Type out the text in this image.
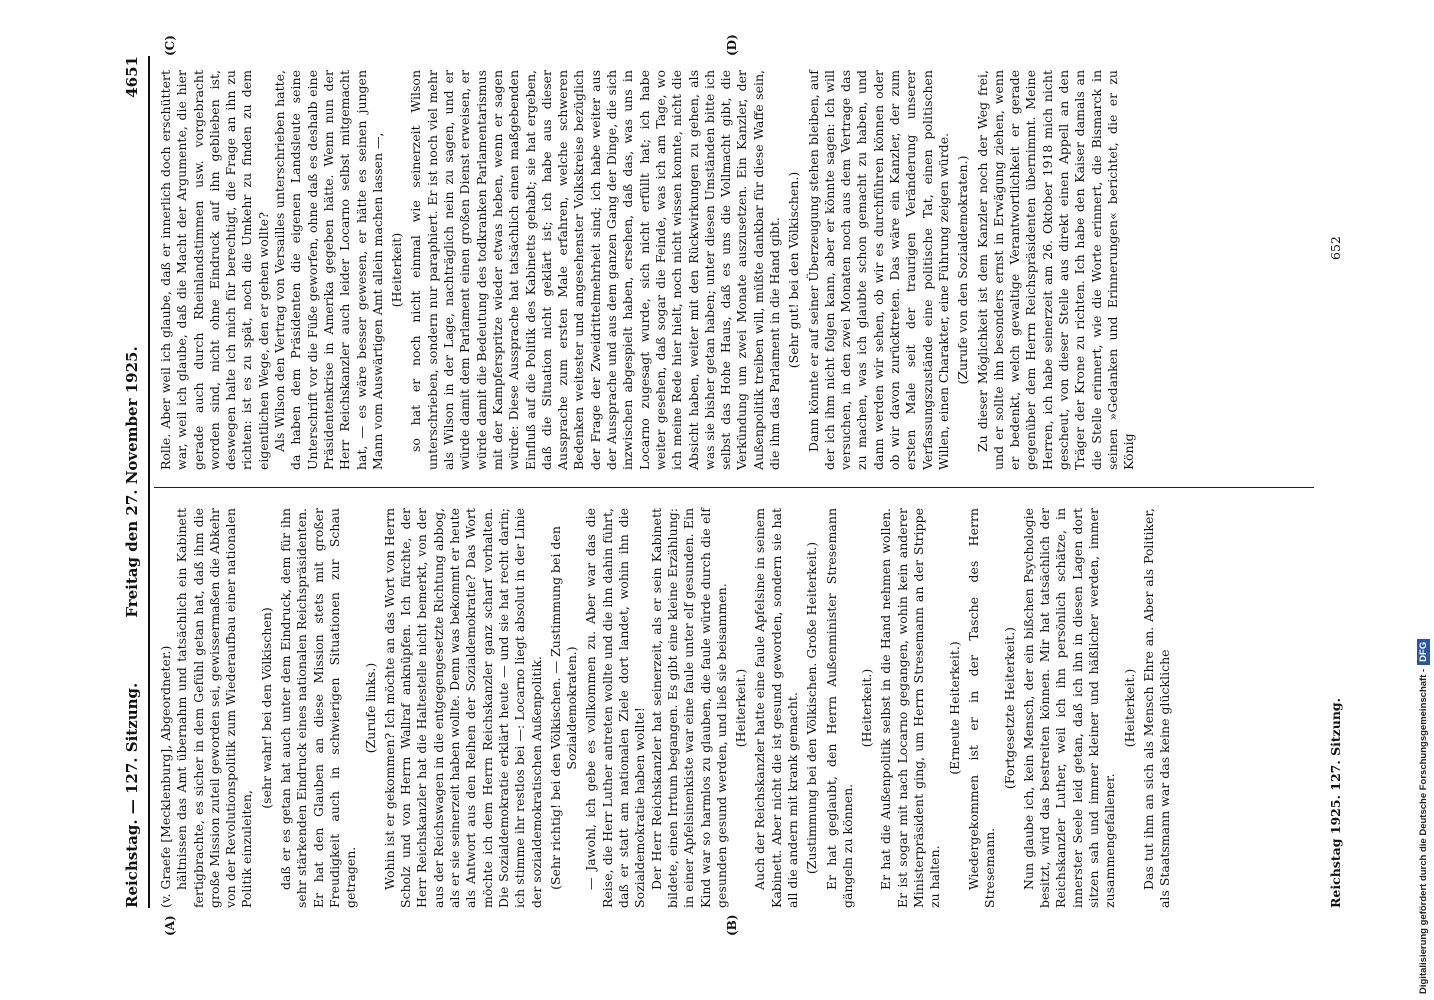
Reichstag. — 127. Sitzung.
Freitag den 27. November 1925.
4651
(A)	(B)
(C)	(D)

(v. Graefe [Mecklenburg], Abgeordneter.) hältnissen das Amt übernahm und tatsächlich ein Kabinett fertigbrachte, es sicher in dem Gefühl getan hat, daß ihm die große Mission zuteil geworden sei, gewissermaßen die Abkehr von der Revolutionspolitik zum Wiederaufbau einer nationalen Politik einzuleiten,

(sehr wahr! bei den Völkischen) daß er es getan hat auch unter dem Eindruck, dem für ihn sehr stärkenden Eindruck eines nationalen Reichspräsidenten. Er hat den Glauben an diese Mission stets mit großer Freudigkeit auch in schwierigen Situationen zur Schau getragen.

(Zurufe links.) Wohin ist er gekommen? Ich möchte an das Wort von Herrn Scholz und von Herrn Wallraf anknüpfen. Ich fürchte, der Herr Reichskanzler hat die Haltestelle nicht bemerkt, von der aus der Reichswagen in die entgegengesetzte Richtung abbog, als er sie seinerzeit haben wollte. Denn was bekommt er heute als Antwort aus den Reihen der Sozialdemokratie? Das Wort möchte ich dem Herrn Reichskanzler ganz scharf vorhalten. Die Sozialdemokratie erklärt heute — und sie hat recht darin; ich stimme ihr restlos bei —: Locarno liegt absolut in der Linie der sozialdemokratischen Außenpolitik. (Sehr richtig! bei den Völkischen. — Zustimmung bei den Sozialdemokraten.) — Jawohl, ich gebe es vollkommen zu. Aber war das die Reise, die Herr Luther antreten wollte und die ihn dahin führt, daß er statt am nationalen Ziele dort landet, wohin ihn die Sozialdemokratie haben wollte! Der Herr Reichskanzler hat seinerzeit, als er sein Kabinett bildete, einen Irrtum begangen. Es gibt eine kleine Erzählung: in einer Apfelsinenkiste war eine faule unter elf gesunden. Ein Kind war so harmlos zu glauben, die faule würde durch die elf gesunden gesund werden, und ließ sie beisammen. (Heiterkeit.) Auch der Reichskanzler hatte eine faule Apfelsine in seinem Kabinett. Aber nicht die ist gesund geworden, sondern sie hat all die andern mit krank gemacht. (Zustimmung bei den Völkischen. Große Heiterkeit.) Er hat geglaubt, den Herrn Außenminister Stresemann gängeln zu können.

(Heiterkeit.) Er hat die Außenpolitik selbst in die Hand nehmen wollen. Er ist sogar mit nach Locarno gegangen, wohin kein anderer Ministerpräsident ging, um Herrn Stresemann an der Strippe zu halten.

(Erneute Heiterkeit.) Wiedergekommen ist er in der Tasche des Herrn Stresemann.

(Fortgesetzte Heiterkeit.) Nun glaube ich, kein Mensch, der ein bißchen Psychologie besitzt, wird das bestreiten können. Mir hat tatsächlich der Reichskanzler Luther, weil ich ihn persönlich schätze, in innerster Seele leid getan, daß ich ihn in diesen Lagen dort sitzen sah und immer kleiner und häßlicher werden, immer zusammengefallener.

(Heiterkeit.) Das tut ihm an sich als Mensch Ehre an. Aber als Politiker, als Staatsmann war das keine glückliche

Rolle. Aber weil ich glaube, daß er innerlich doch erschüttert war, weil ich glaube, daß die Macht der Argumente, die hier gerade auch durch Rheinlandstimmen usw. vorgebracht worden sind, nicht ohne Eindruck auf ihn geblieben ist, deswegen halte ich mich für berechtigt, die Frage an ihn zu richten: ist es zu spät, noch die Umkehr zu finden zu dem eigentlichen Wege, den er gehen wollte? Als Wilson den Vertrag von Versailles unterschrieben hatte, da haben dem Präsidenten die eigenen Landsleute seine Unterschrift vor die Füße geworfen, ohne daß es deshalb eine Präsidentenkrise in Amerika gegeben hätte. Wenn nun der Herr Reichskanzler auch leider Locarno selbst mitgemacht hat, — es wäre besser gewesen, er hätte es seinen jungen Mann vom Auswärtigen Amt allein machen lassen —, (Heiterkeit) so hat er noch nicht einmal wie seinerzeit Wilson unterschrieben, sondern nur paraphiert. Er ist noch viel mehr als Wilson in der Lage, nachträglich nein zu sagen, und er würde damit dem Parlament einen großen Dienst erweisen, er würde damit die Bedeutung des todkranken Parlamentarismus mit der Kampferspritze wieder etwas heben, wenn er sagen würde: Diese Aussprache hat tatsächlich einen maßgebenden Einfluß auf die Politik des Kabinetts gehabt; sie hat ergeben, daß die Situation nicht geklärt ist; ich habe aus dieser Aussprache zum ersten Male erfahren, welche schweren Bedenken weitester und angesehenster Volkskreise bezüglich der Frage der Zweidrittelmehrheit sind; ich habe weiter aus der Aussprache und aus dem ganzen Gang der Dinge, die sich inzwischen abgespielt haben, ersehen, daß das, was uns in Locarno zugesagt wurde, sich nicht erfüllt hat; ich habe weiter gesehen, daß sogar die Feinde, was ich am Tage, wo ich meine Rede hier hielt, noch nicht wissen konnte, nicht die Absicht haben, weiter mit den Rückwirkungen zu gehen, als was sie bisher getan haben; unter diesen Umständen bitte ich selbst das Hohe Haus, daß es uns die Vollmacht gibt, die Verkündung um zwei Monate auszusetzen. Ein Kanzler, der Außenpolitik treiben will, müßte dankbar für diese Waffe sein, die ihm das Parlament in die Hand gibt. (Sehr gut! bei den Völkischen.) Dann könnte er auf seiner Überzeugung stehen bleiben, auf der ich ihm nicht folgen kann, aber er könnte sagen: Ich will versuchen, in den zwei Monaten noch aus dem Vertrage das zu machen, was ich glaubte schon gemacht zu haben, und dann werden wir sehen, ob wir es durchführen können oder ob wir davon zurücktreten. Das wäre ein Kanzler, der zum ersten Male seit der traurigen Veränderung unserer Verfassungszustände eine politische Tat, einen politischen Willen, einen Charakter, eine Führung zeigen würde. (Zurufe von den Sozialdemokraten.) Zu dieser Möglichkeit ist dem Kanzler noch der Weg frei, und er sollte ihn besonders ernst in Erwägung ziehen, wenn er bedenkt, welch gewaltige Verantwortlichkeit er gerade gegenüber dem Herrn Reichspräsidenten übernimmt. Meine Herren, ich habe seinerzeit am 26. Oktober 1918 mich nicht gescheut, von dieser Stelle aus direkt einen Appell an den Träger der Krone zu richten. Ich habe den Kaiser damals an die Stelle erinnert, wie die Worte erinnert, die Bismarck in seinen »Gedanken und Erinnerungen« berichtet, die er zu König

Reichstag 1925. 127. Sitzung.
652
Digitalisierung gefördert durch die Deutsche Forschungsgemeinschaft -DFG
